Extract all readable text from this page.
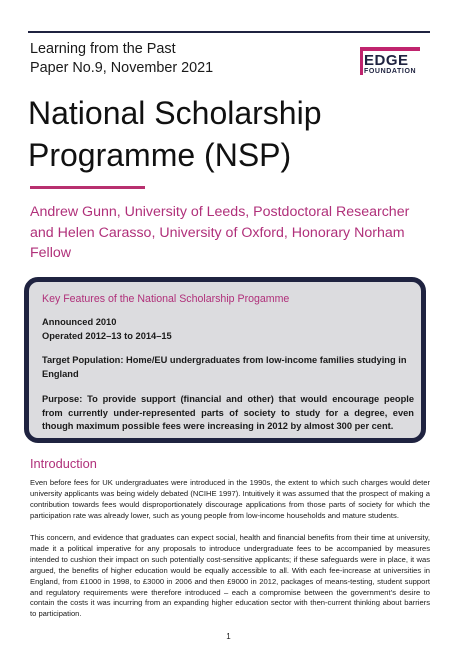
Learning from the Past
Paper No.9, November 2021	EDGE
FOUNDATION
National Scholarship
Programme (NSP)
Andrew Gunn, University of Leeds, Postdoctoral Researcher and Helen Carasso, University of Oxford, Honorary Norham Fellow
Key Features of the National Scholarship Progamme
Announced 2010
Operated 2012–13 to 2014–15
Target Population: Home/EU undergraduates from low-income families studying in England
Purpose: To provide support (financial and other) that would encourage people from currently under-represented parts of society to study for a degree, even though maximum possible fees were increasing in 2012 by almost 300 per cent.
Introduction
Even before fees for UK undergraduates were introduced in the 1990s, the extent to which such charges would deter university applicants was being widely debated (NCIHE 1997). Intuitively it was assumed that the prospect of making a contribution towards fees would disproportionately discourage applications from those parts of society for which the participation rate was already lower, such as young people from low-income households and mature students.
This concern, and evidence that graduates can expect social, health and financial benefits from their time at university, made it a political imperative for any proposals to introduce undergraduate fees to be accompanied by measures intended to cushion their impact on such potentially cost-sensitive applicants; if these safeguards were in place, it was argued, the benefits of higher education would be equally accessible to all. With each fee-increase at universities in England, from £1000 in 1998, to £3000 in 2006 and then £9000 in 2012, packages of means-testing, student support and regulatory requirements were therefore introduced – each a compromise between the government’s desire to contain the costs it was incurring from an expanding higher education sector with then-current thinking about barriers to participation.
1
